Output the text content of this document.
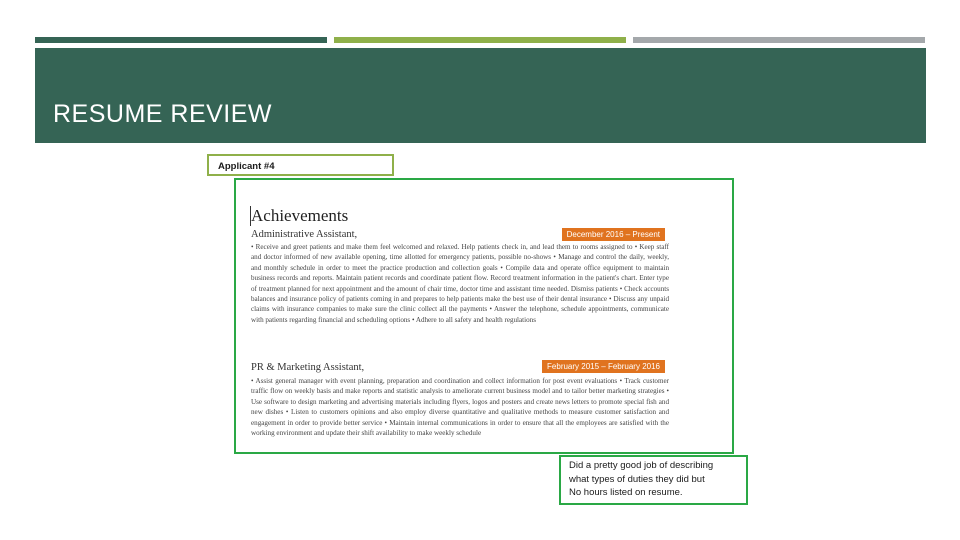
RESUME REVIEW
Applicant #4
Achievements
Administrative Assistant,	December 2016 – Present
• Receive and greet patients and make them feel welcomed and relaxed. Help patients check in, and lead them to rooms assigned to • Keep staff and doctor informed of new available opening, time allotted for emergency patients, possible no-shows • Manage and control the daily, weekly, and monthly schedule in order to meet the practice production and collection goals • Compile data and operate office equipment to maintain business records and reports. Maintain patient records and coordinate patient flow. Record treatment information in the patient's chart. Enter type of treatment planned for next appointment and the amount of chair time, doctor time and assistant time needed. Dismiss patients • Check accounts balances and insurance policy of patients coming in and prepares to help patients make the best use of their dental insurance • Discuss any unpaid claims with insurance companies to make sure the clinic collect all the payments • Answer the telephone, schedule appointments, communicate with patients regarding financial and scheduling options • Adhere to all safety and health regulations
PR & Marketing Assistant,	February 2015 – February 2016
• Assist general manager with event planning, preparation and coordination and collect information for post event evaluations • Track customer traffic flow on weekly basis and make reports and statistic analysis to ameliorate current business model and to tailor better marketing strategies • Use software to design marketing and advertising materials including flyers, logos and posters and create news letters to promote special fish and new dishes • Listen to customers opinions and also employ diverse quantitative and qualitative methods to measure customer satisfaction and engagement in order to provide better service • Maintain internal communications in order to ensure that all the employees are satisfied with the working environment and update their shift availability to make weekly schedule
Did a pretty good job of describing
what types of duties they did but
No hours listed on resume.
